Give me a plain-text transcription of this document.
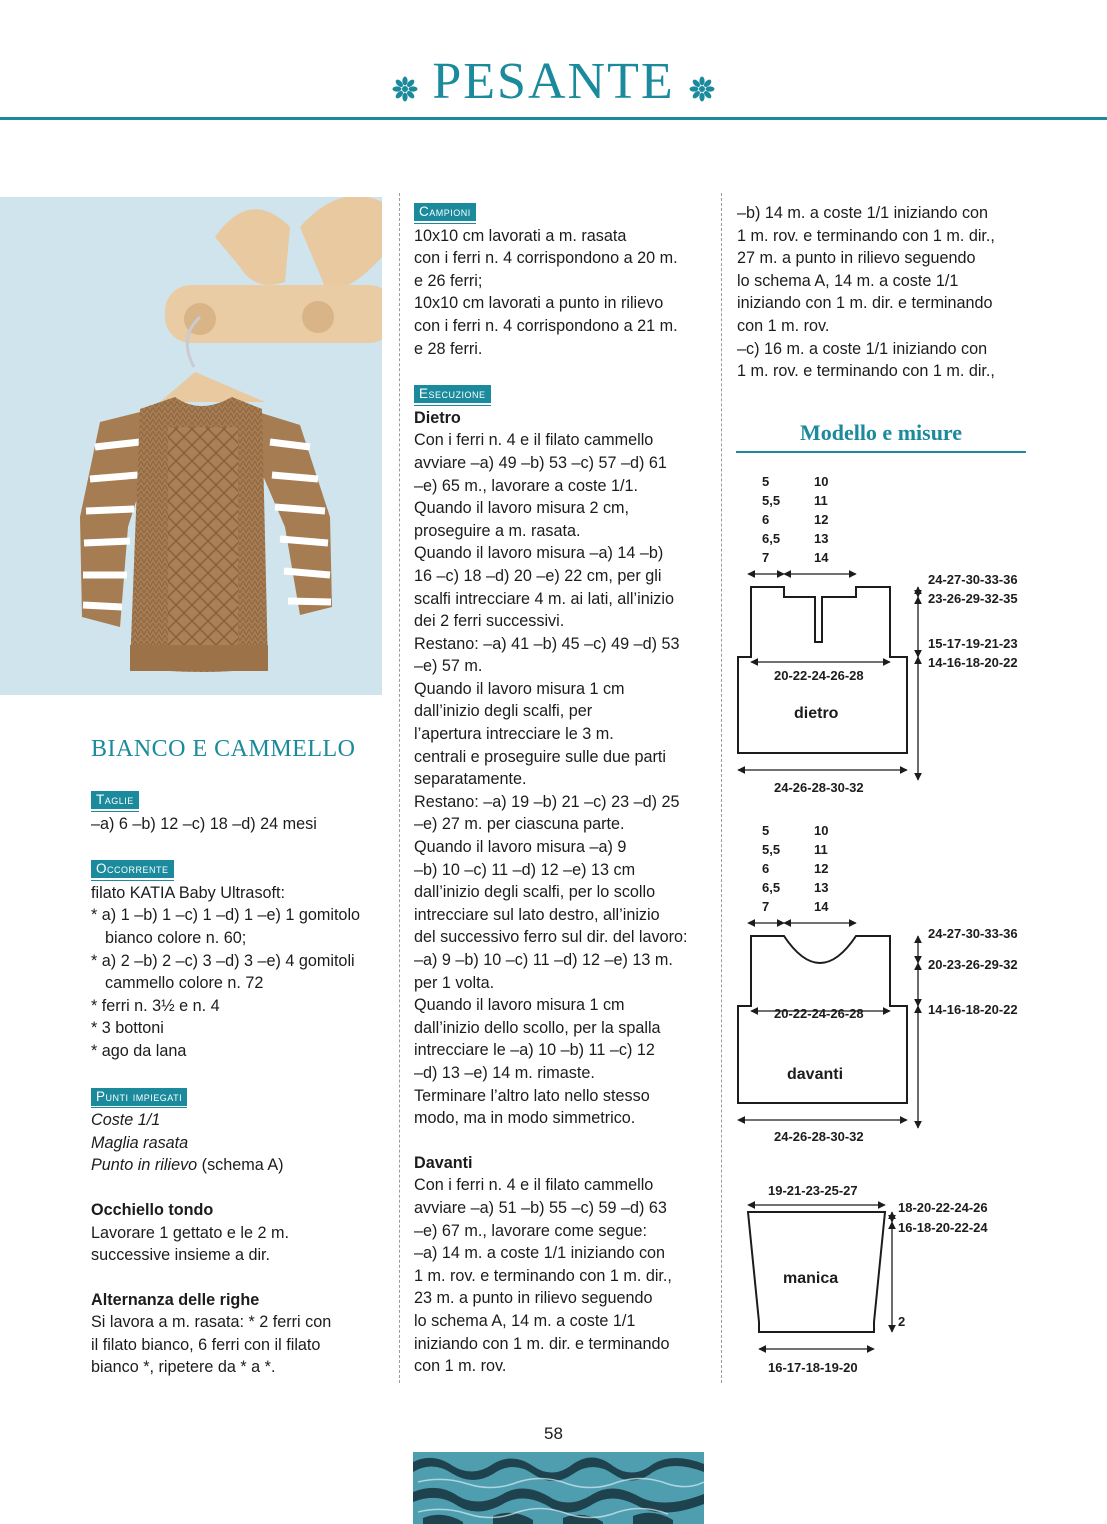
PESANTE
BIANCO E CAMMELLO
Taglie

–a) 6 –b) 12 –c) 18 –d) 24 mesi

Occorrente

filato KATIA Baby Ultrasoft:

* a) 1 –b) 1 –c) 1 –d) 1 –e) 1 gomitolo

bianco colore n. 60;

* a) 2 –b) 2 –c) 3 –d) 3 –e) 4 gomitoli

cammello colore n. 72

* ferri n. 3½ e n. 4

* 3 bottoni

* ago da lana

Punti impiegati

Coste 1/1

Maglia rasata

Punto in rilievo (schema A)

Occhiello tondo

Lavorare 1 gettato e le 2 m.

successive insieme a dir.

Alternanza delle righe

Si lavora a m. rasata: * 2 ferri con

il filato bianco, 6 ferri con il filato

bianco *, ripetere da * a *.

Campioni

10x10 cm lavorati a m. rasata

con i ferri n. 4 corrispondono a 20 m.

e 26 ferri;

10x10 cm lavorati a punto in rilievo

con i ferri n. 4 corrispondono a 21 m.

e 28 ferri.

Esecuzione

Dietro

Con i ferri n. 4 e il filato cammello

avviare –a) 49 –b) 53 –c) 57 –d) 61

–e) 65 m., lavorare a coste 1/1.

Quando il lavoro misura 2 cm,

proseguire a m. rasata.

Quando il lavoro misura –a) 14 –b)

16 –c) 18 –d) 20 –e) 22 cm, per gli

scalfi intrecciare 4 m. ai lati, all’inizio

dei 2 ferri successivi.

Restano: –a) 41 –b) 45 –c) 49 –d) 53

–e) 57 m.

Quando il lavoro misura 1 cm

dall’inizio degli scalfi, per

l’apertura intrecciare le 3 m.

centrali e proseguire sulle due parti

separatamente.

Restano: –a) 19 –b) 21 –c) 23 –d) 25

–e) 27 m. per ciascuna parte.

Quando il lavoro misura –a) 9

–b) 10 –c) 11 –d) 12 –e) 13 cm

dall’inizio degli scalfi, per lo scollo

intrecciare sul lato destro, all’inizio

del successivo ferro sul dir. del lavoro:

–a) 9 –b) 10 –c) 11 –d) 12 –e) 13 m.

per 1 volta.

Quando il lavoro misura 1 cm

dall’inizio dello scollo, per la spalla

intrecciare le –a) 10 –b) 11 –c) 12

–d) 13 –e) 14 m. rimaste.

Terminare l’altro lato nello stesso

modo, ma in modo simmetrico.

Davanti

Con i ferri n. 4 e il filato cammello

avviare –a) 51 –b) 55 –c) 59 –d) 63

–e) 67 m., lavorare come segue:

–a) 14 m. a coste 1/1 iniziando con

1 m. rov. e terminando con 1 m. dir.,

23 m. a punto in rilievo seguendo

lo schema A, 14 m. a coste 1/1

iniziando con 1 m. dir. e terminando

con 1 m. rov.

–b) 14 m. a coste 1/1 iniziando con

1 m. rov. e terminando con 1 m. dir.,

27 m. a punto in rilievo seguendo

lo schema A, 14 m. a coste 1/1

iniziando con 1 m. dir. e terminando

con 1 m. rov.

–c) 16 m. a coste 1/1 iniziando con

1 m. rov. e terminando con 1 m. dir.,

Modello e misure
5
5,5
6
6,5
7
10
11
12
13
14
24-27-30-33-36
23-26-29-32-35
15-17-19-21-23
14-16-18-20-22
20-22-24-26-28
dietro
24-26-28-30-32
5
5,5
6
6,5
7
10
11
12
13
14
24-27-30-33-36
20-23-26-29-32
14-16-18-20-22
20-22-24-26-28
davanti
24-26-28-30-32
19-21-23-25-27
18-20-22-24-26
16-18-20-22-24
2
manica
16-17-18-19-20
58
